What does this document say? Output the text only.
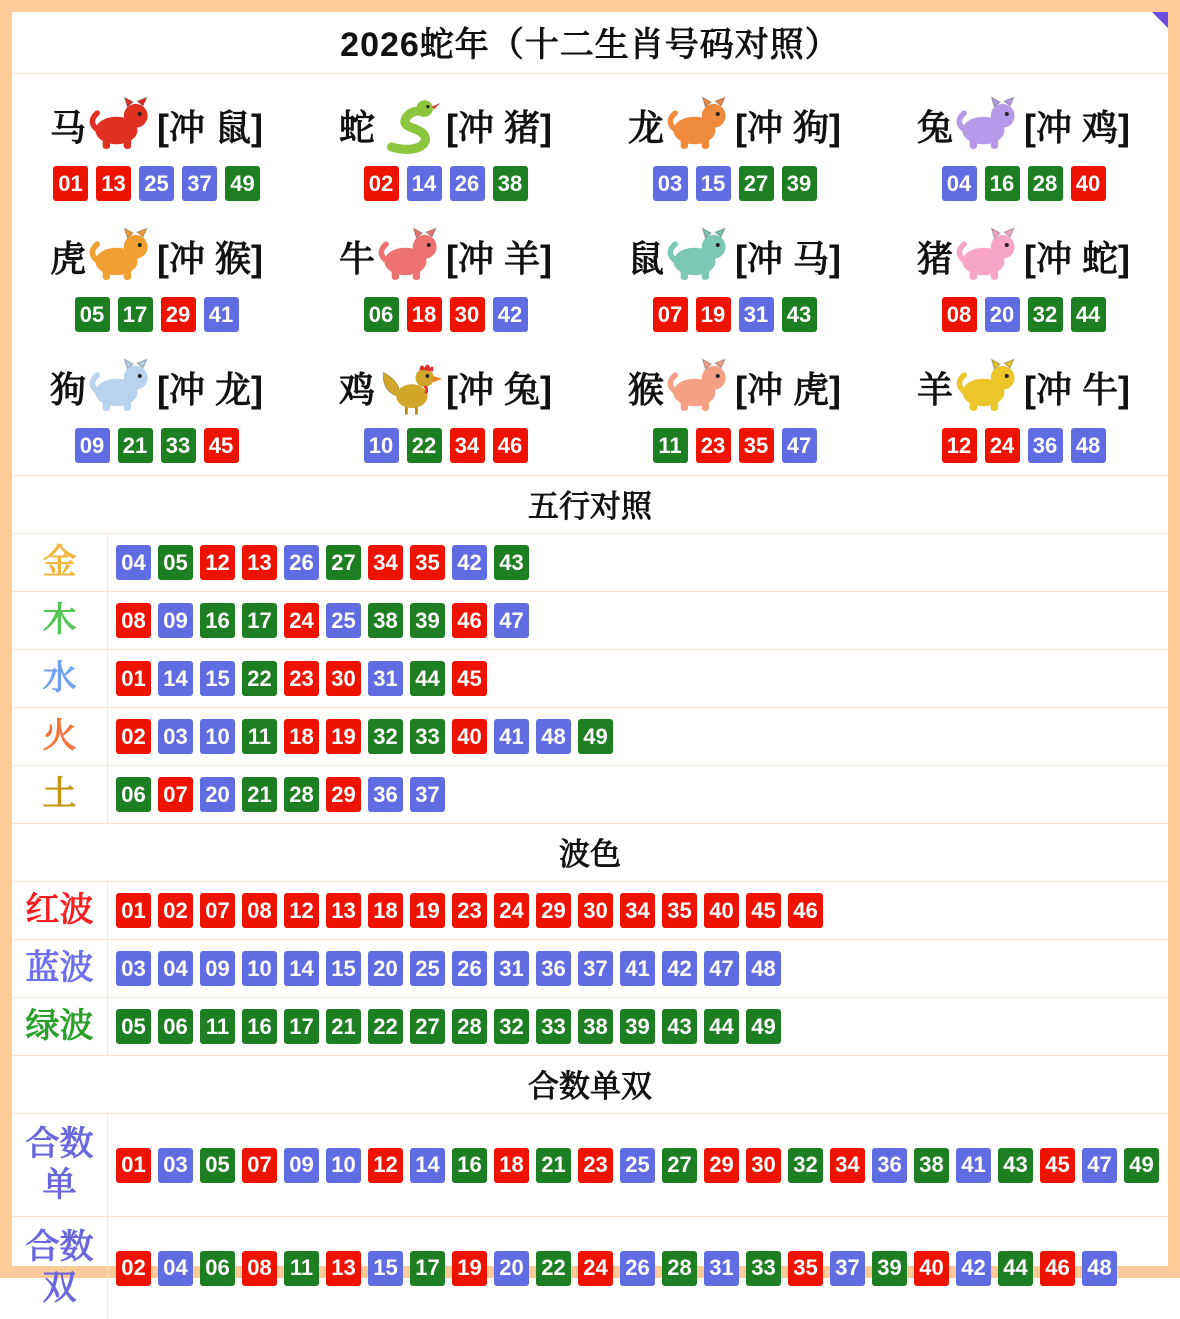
2026蛇年（十二生肖号码对照）
马 [冲 鼠]
01 13 25 37 49
蛇 [冲 猪]
02 14 26 38
龙 [冲 狗]
03 15 27 39
兔 [冲 鸡]
04 16 28 40
虎 [冲 猴]
05 17 29 41
牛 [冲 羊]
06 18 30 42
鼠 [冲 马]
07 19 31 43
猪 [冲 蛇]
08 20 32 44
狗 [冲 龙]
09 21 33 45
鸡 [冲 兔]
10 22 34 46
猴 [冲 虎]
11 23 35 47
羊 [冲 牛]
12 24 36 48
五行对照
金	04 05 12 13 26 27 34 35 42 43
木	08 09 16 17 24 25 38 39 46 47
水	01 14 15 22 23 30 31 44 45
火	02 03 10 11 18 19 32 33 40 41 48 49
土	06 07 20 21 28 29 36 37
波色
红波	01 02 07 08 12 13 18 19 23 24 29 30 34 35 40 45 46
蓝波	03 04 09 10 14 15 20 25 26 31 36 37 41 42 47 48
绿波	05 06 11 16 17 21 22 27 28 32 33 38 39 43 44 49
合数单双
合数
单
01 03 05 07 09 10 12 14 16 18 21 23 25 27 29 30 32 34 36 38 41 43 45 47 49
合数
双
02 04 06 08 11 13 15 17 19 20 22 24 26 28 31 33 35 37 39 40 42 44 46 48
